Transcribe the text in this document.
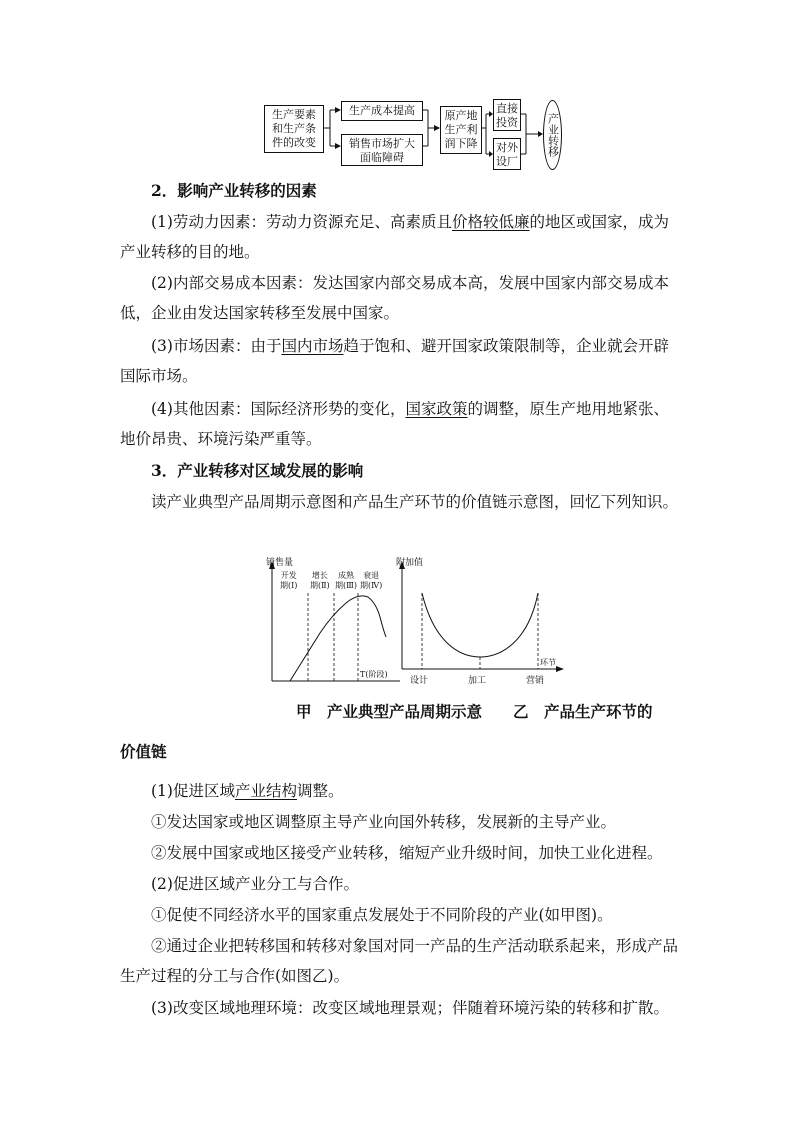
生产要素
和生产条
件的改变
生产成本提高
销售市场扩大
面临障碍
原产地
生产利
润下降
直接
投资
对外
设厂
产业转移
2．影响产业转移的因素
(1)劳动力因素：劳动力资源充足、高素质且价格较低廉的地区或国家，成为产业转移的目的地。
(2)内部交易成本因素：发达国家内部交易成本高，发展中国家内部交易成本低，企业由发达国家转移至发展中国家。
(3)市场因素：由于国内市场趋于饱和、避开国家政策限制等，企业就会开辟国际市场。
(4)其他因素：国际经济形势的变化，国家政策的调整，原生产地用地紧张、地价昂贵、环境污染严重等。
3．产业转移对区域发展的影响
读产业典型产品周期示意图和产品生产环节的价值链示意图，回忆下列知识。
销售量
开发
期(Ⅰ)
增长
期(Ⅱ)
成熟
期(Ⅲ)
衰退
期(Ⅳ)
T(阶段)
附加值
环节
设计	加工	营销
甲　产业典型产品周期示意　　乙　产品生产环节的
价值链
(1)促进区域产业结构调整。
①发达国家或地区调整原主导产业向国外转移，发展新的主导产业。
②发展中国家或地区接受产业转移，缩短产业升级时间，加快工业化进程。
(2)促进区域产业分工与合作。
①促使不同经济水平的国家重点发展处于不同阶段的产业(如甲图)。
②通过企业把转移国和转移对象国对同一产品的生产活动联系起来，形成产品生产过程的分工与合作(如图乙)。
(3)改变区域地理环境：改变区域地理景观；伴随着环境污染的转移和扩散。
